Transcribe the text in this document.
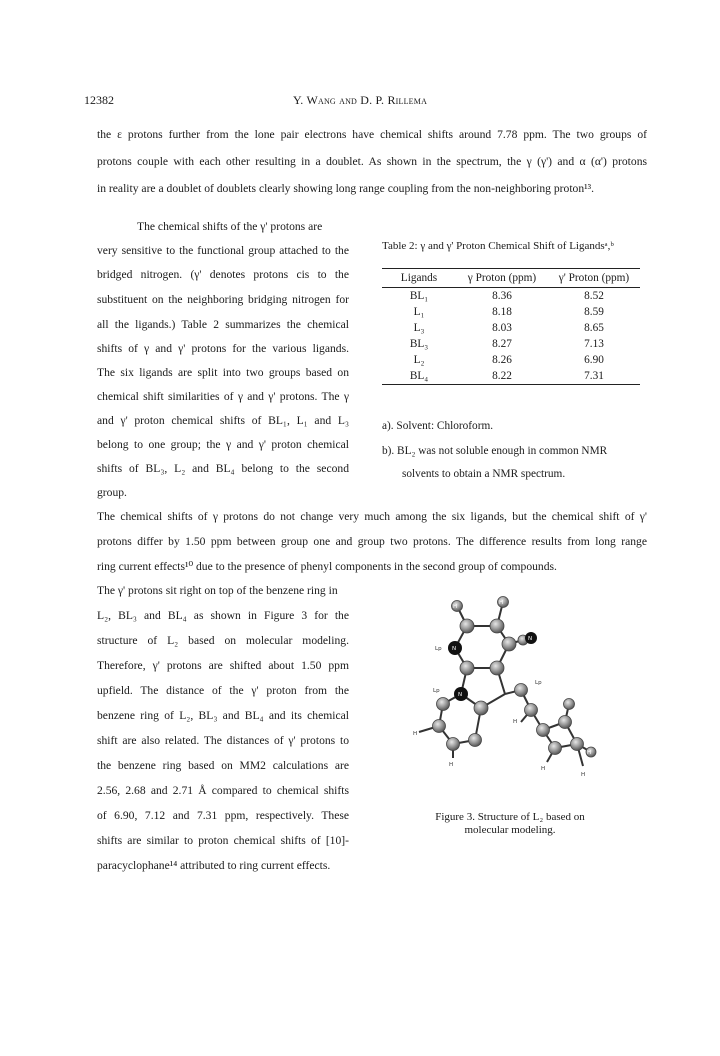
12382	Y. Wang and D. P. Rillema
the ε protons further from the lone pair electrons have chemical shifts around 7.78 ppm. The two groups of
protons couple with each other resulting in a doublet. As shown in the spectrum, the γ (γ') and α (α') protons
in reality are a doublet of doublets clearly showing long range coupling from the non-neighboring proton¹³.
The chemical shifts of the γ' protons are
very sensitive to the functional group attached to the
bridged nitrogen. (γ' denotes protons cis to the
substituent on the neighboring bridging nitrogen for
all the ligands.) Table 2 summarizes the chemical
shifts of γ and γ' protons for the various ligands.
The six ligands are split into two groups based on
chemical shift similarities of γ and γ' protons. The γ
and γ' proton chemical shifts of BL₁, L₁ and L₃
belong to one group; the γ and γ' proton chemical
shifts of BL₃, L₂ and BL₄ belong to the second
group.
Table 2: γ and γ' Proton Chemical Shift of Ligandsᵃ,ᵇ
Ligands	γ Proton (ppm)	γ' Proton (ppm)
BL₁	8.36	8.52
L₁	8.18	8.59
L₃	8.03	8.65
BL₃	8.27	7.13
L₂	8.26	6.90
BL₄	8.22	7.31
a). Solvent: Chloroform.
b). BL₂ was not soluble enough in common NMR
solvents to obtain a NMR spectrum.
The chemical shifts of γ protons do not change very much among the six ligands, but the chemical shift of γ'
protons differ by 1.50 ppm between group one and group two protons. The difference results from long range
ring current effects¹⁰ due to the presence of phenyl components in the second group of compounds.
The γ' protons sit right on top of the benzene ring in
L₂, BL₃ and BL₄ as shown in Figure 3 for the
structure of L₂ based on molecular modeling.
Therefore, γ' protons are shifted about 1.50 ppm
upfield. The distance of the γ' proton from the
benzene ring of L₂, BL₃ and BL₄ and its chemical
shift are also related. The distances of γ' protons to
the benzene ring based on MM2 calculations are
2.56, 2.68 and 2.71 Å compared to chemical shifts
of 6.90, 7.12 and 7.31 ppm, respectively. These
shifts are similar to proton chemical shifts of [10]-
paracyclophane¹⁴ attributed to ring current effects.
Lp
Lp
Lp
H
H
H
H
H
H
H
H
N
N
N
Figure 3. Structure of L₂ based on
molecular modeling.
